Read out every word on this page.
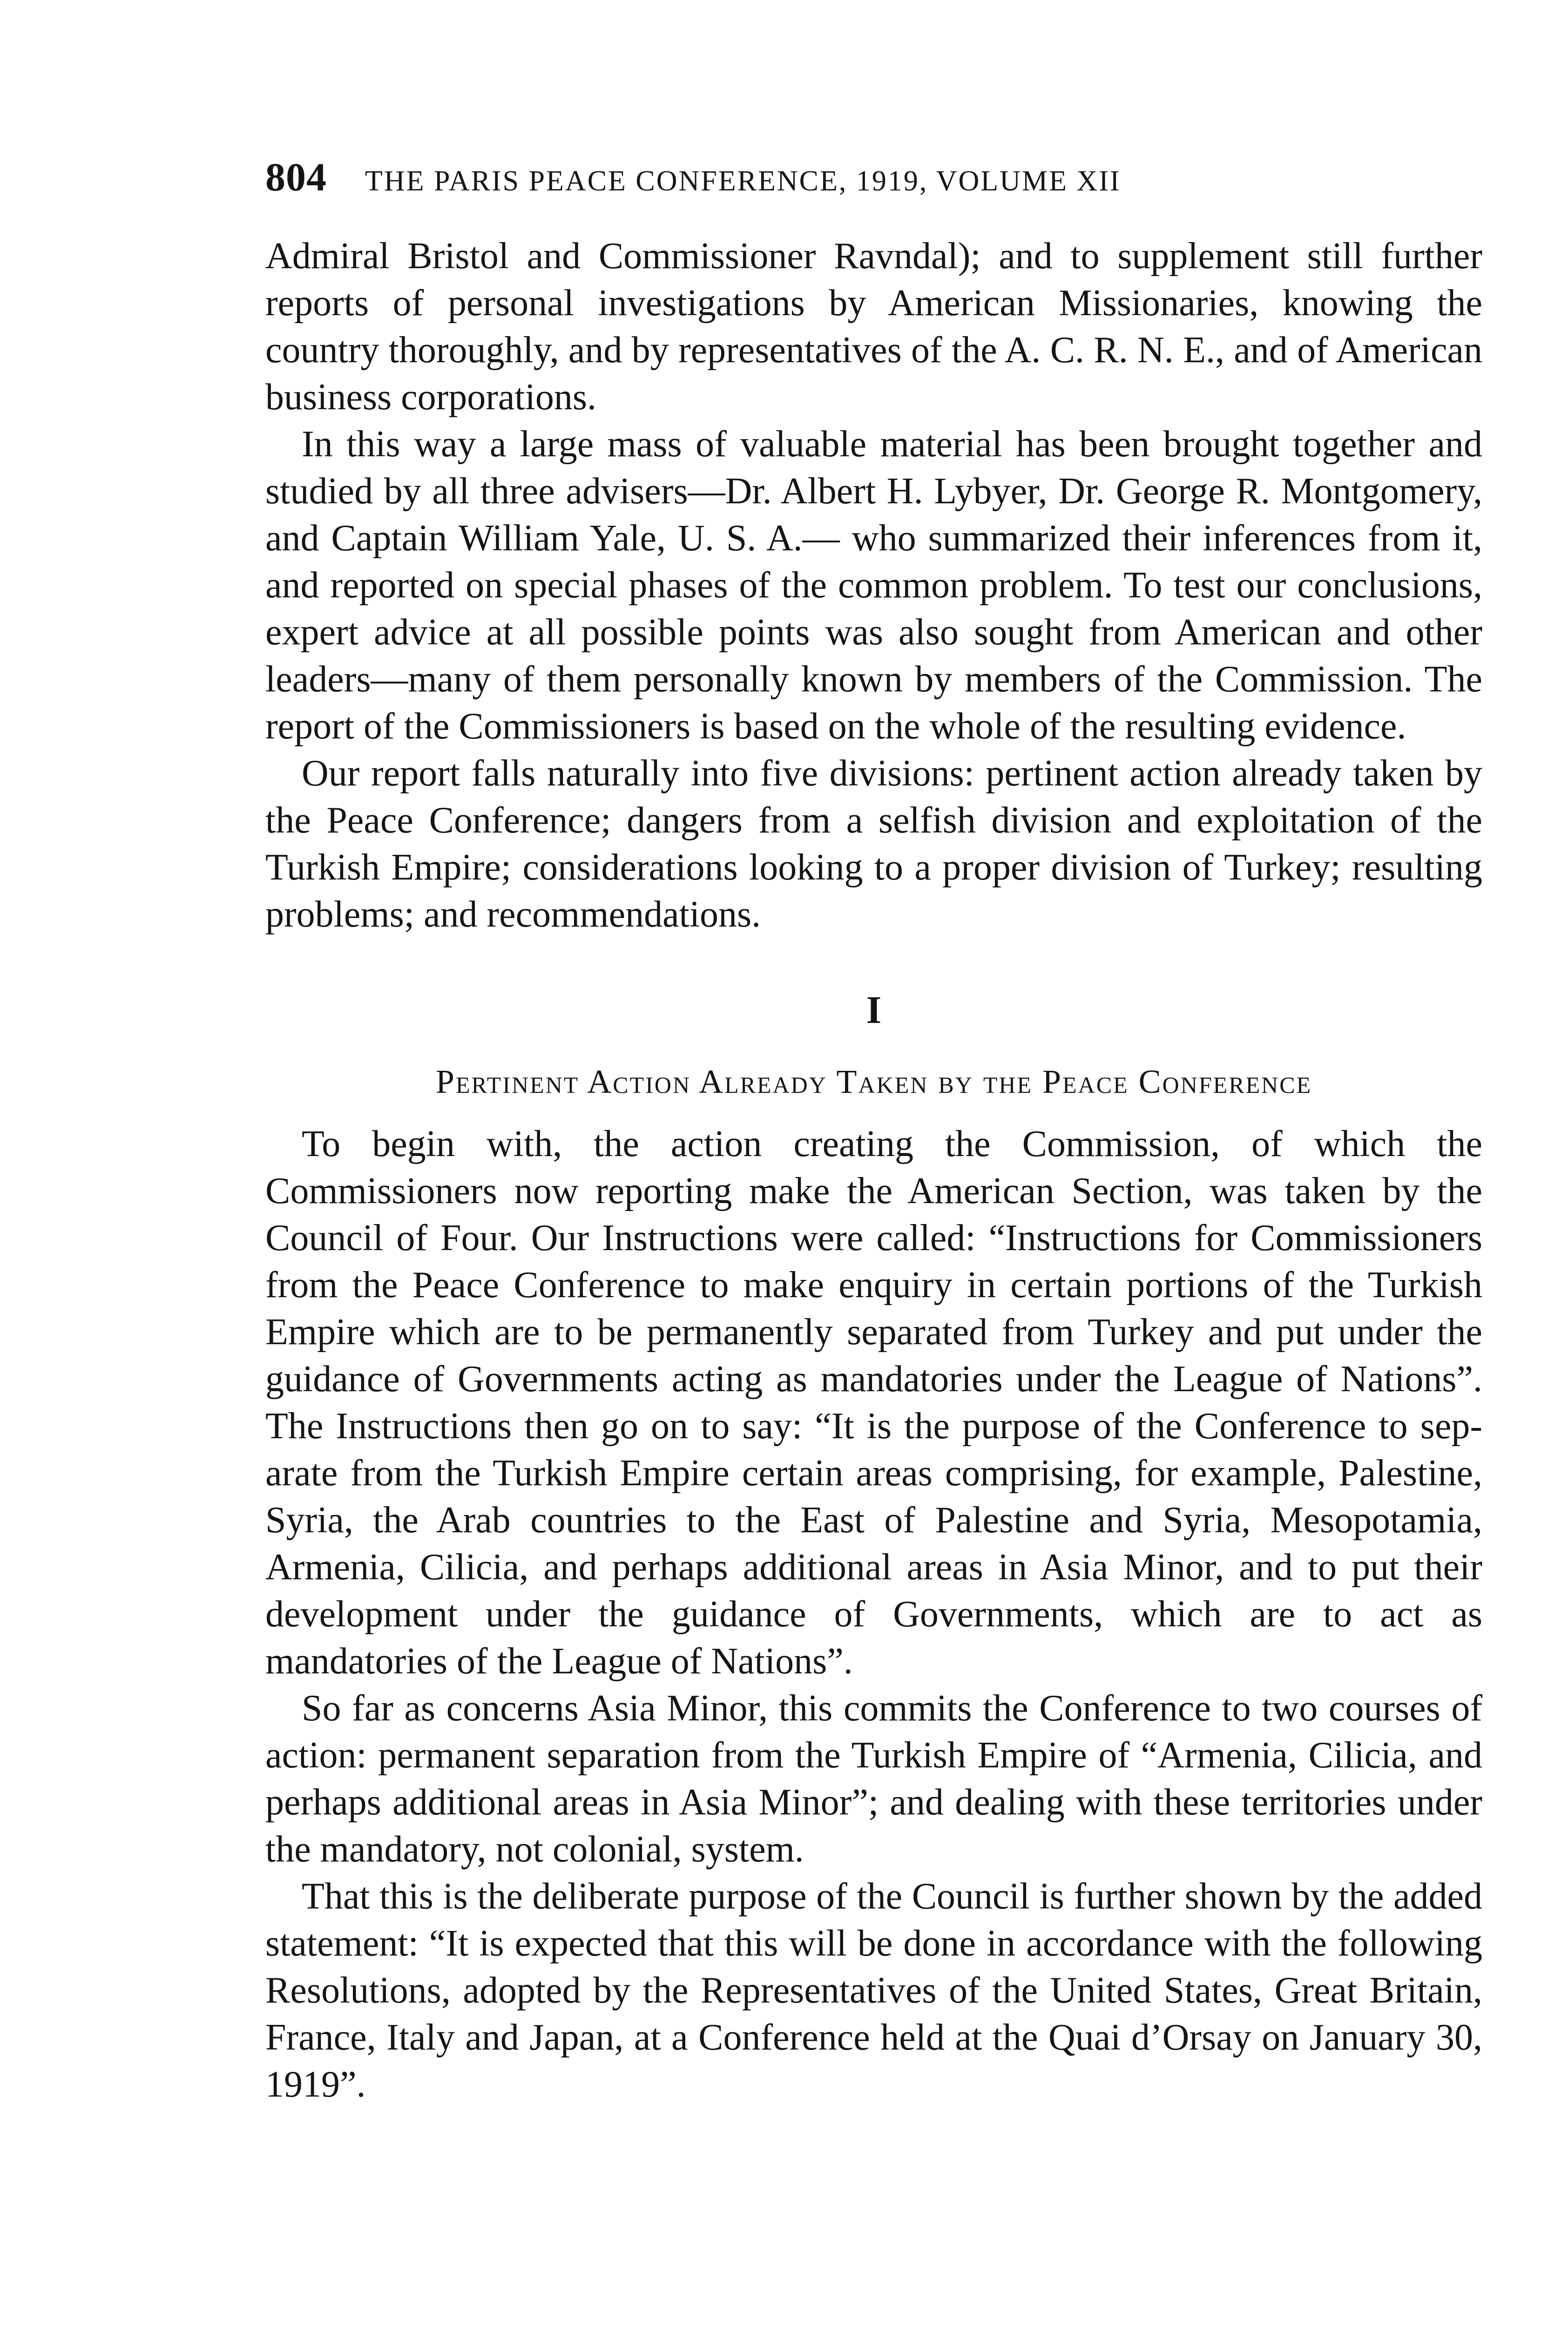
804 THE PARIS PEACE CONFERENCE, 1919, VOLUME XII

Admiral Bristol and Commissioner Ravndal); and to supplement still further reports of personal investigations by American Missionaries, knowing the country thoroughly, and by representatives of the A. C. R. N. E., and of American business corporations.

In this way a large mass of valuable material has been brought together and studied by all three advisers—Dr. Albert H. Lybyer, Dr. George R. Montgomery, and Captain William Yale, U. S. A.— who summarized their inferences from it, and reported on special phases of the common problem. To test our conclusions, expert advice at all possible points was also sought from American and other leaders—many of them personally known by members of the Commission. The report of the Commissioners is based on the whole of the resulting evidence.

Our report falls naturally into five divisions: pertinent action already taken by the Peace Conference; dangers from a selfish division and exploitation of the Turkish Empire; considerations looking to a proper division of Turkey; resulting problems; and recommendations.

I
Pertinent Action Already Taken by the Peace Conference

To begin with, the action creating the Commission, of which the Commissioners now reporting make the American Section, was taken by the Council of Four. Our Instructions were called: “Instructions for Commissioners from the Peace Conference to make enquiry in certain portions of the Turkish Empire which are to be permanently separated from Turkey and put under the guidance of Governments acting as mandatories under the League of Nations”. The Instructions then go on to say: “It is the purpose of the Conference to separate from the Turkish Empire certain areas comprising, for example, Palestine, Syria, the Arab countries to the East of Palestine and Syria, Mesopotamia, Armenia, Cilicia, and perhaps additional areas in Asia Minor, and to put their development under the guidance of Governments, which are to act as mandatories of the League of Nations”.

So far as concerns Asia Minor, this commits the Conference to two courses of action: permanent separation from the Turkish Empire of “Armenia, Cilicia, and perhaps additional areas in Asia Minor”; and dealing with these territories under the mandatory, not colonial, system.

That this is the deliberate purpose of the Council is further shown by the added statement: “It is expected that this will be done in accordance with the following Resolutions, adopted by the Representatives of the United States, Great Britain, France, Italy and Japan, at a Conference held at the Quai d’Orsay on January 30, 1919”.
